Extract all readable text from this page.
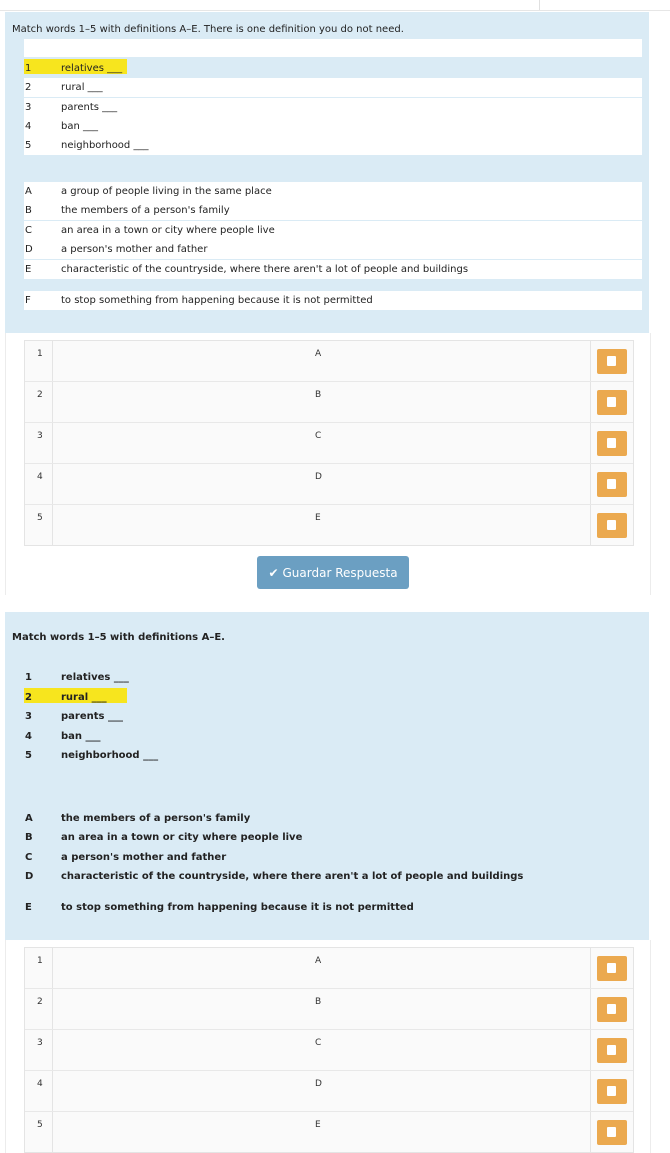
Match words 1–5 with definitions A–E. There is one definition you do not need.
1	relatives ___
2	rural ___
3	parents ___
4	ban ___
5	neighborhood ___
A	a group of people living in the same place
B	the members of a person's family
C	an area in a town or city where people live
D	a person's mother and father
E	characteristic of the countryside, where there aren't a lot of people and buildings
F	to stop something from happening because it is not permitted
1	A
2	B
3	C
4	D
5	E
✔ Guardar Respuesta
Match words 1–5 with definitions A–E.
1	relatives ___
2	rural ___
3	parents ___
4	ban ___
5	neighborhood ___
A	the members of a person's family
B	an area in a town or city where people live
C	a person's mother and father
D	characteristic of the countryside, where there aren't a lot of people and buildings
E	to stop something from happening because it is not permitted
1	A
2	B
3	C
4	D
5	E
